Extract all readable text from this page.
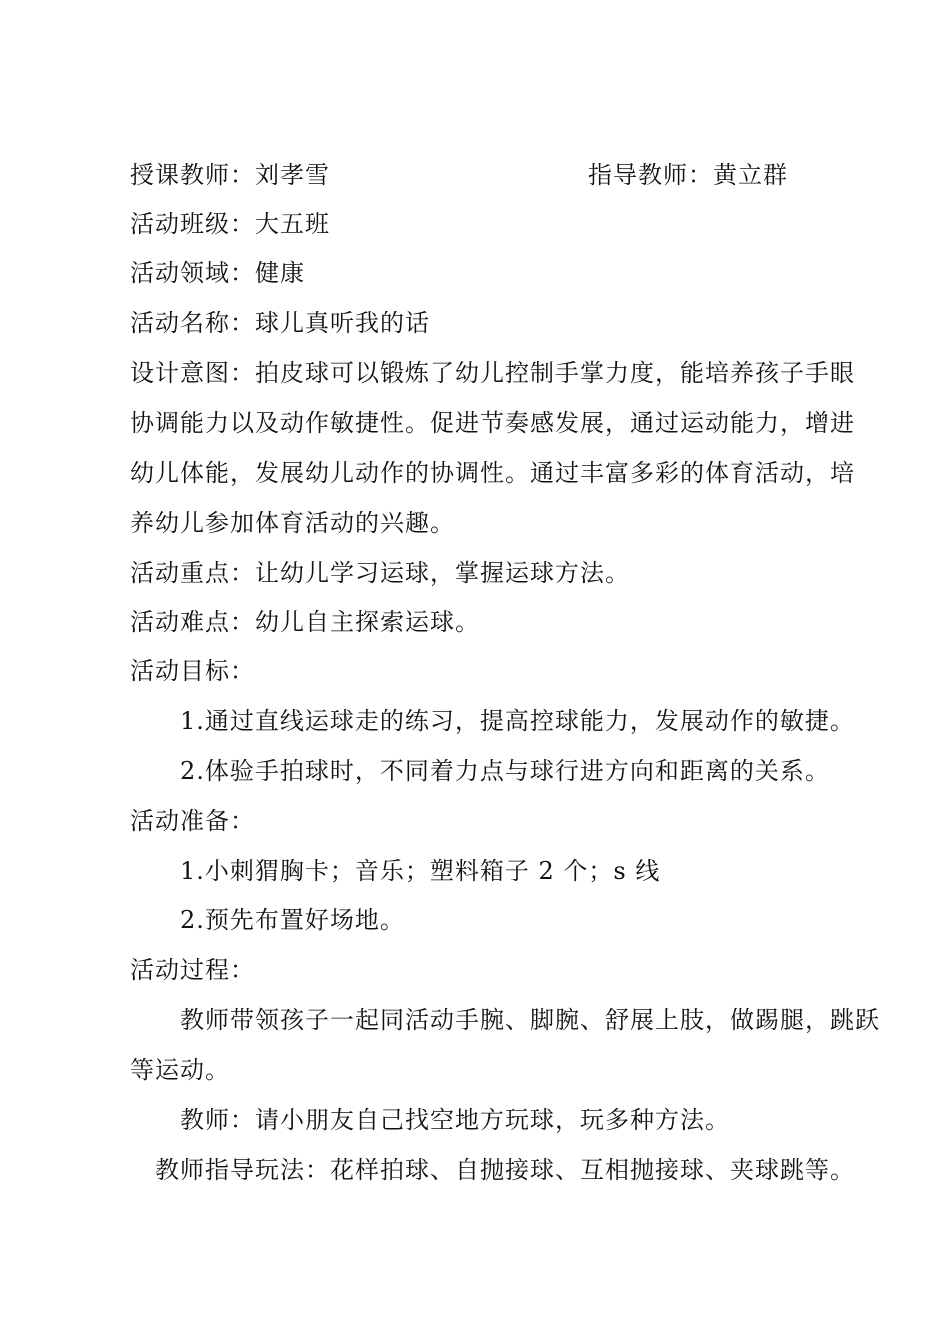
授课教师：刘孝雪	指导教师：黄立群
活动班级：大五班
活动领域：健康
活动名称：球儿真听我的话
设计意图：拍皮球可以锻炼了幼儿控制手掌力度，能培养孩子手眼
协调能力以及动作敏捷性。促进节奏感发展，通过运动能力，增进
幼儿体能，发展幼儿动作的协调性。通过丰富多彩的体育活动，培
养幼儿参加体育活动的兴趣。
活动重点：让幼儿学习运球，掌握运球方法。
活动难点：幼儿自主探索运球。
活动目标：
1.通过直线运球走的练习，提高控球能力，发展动作的敏捷。
2.体验手拍球时，不同着力点与球行进方向和距离的关系。
活动准备：
1.小刺猬胸卡；音乐；塑料箱子 2 个；s 线
2.预先布置好场地。
活动过程：
教师带领孩子一起同活动手腕、脚腕、舒展上肢，做踢腿，跳跃
等运动。
教师：请小朋友自己找空地方玩球，玩多种方法。
教师指导玩法：花样拍球、自抛接球、互相抛接球、夹球跳等。
